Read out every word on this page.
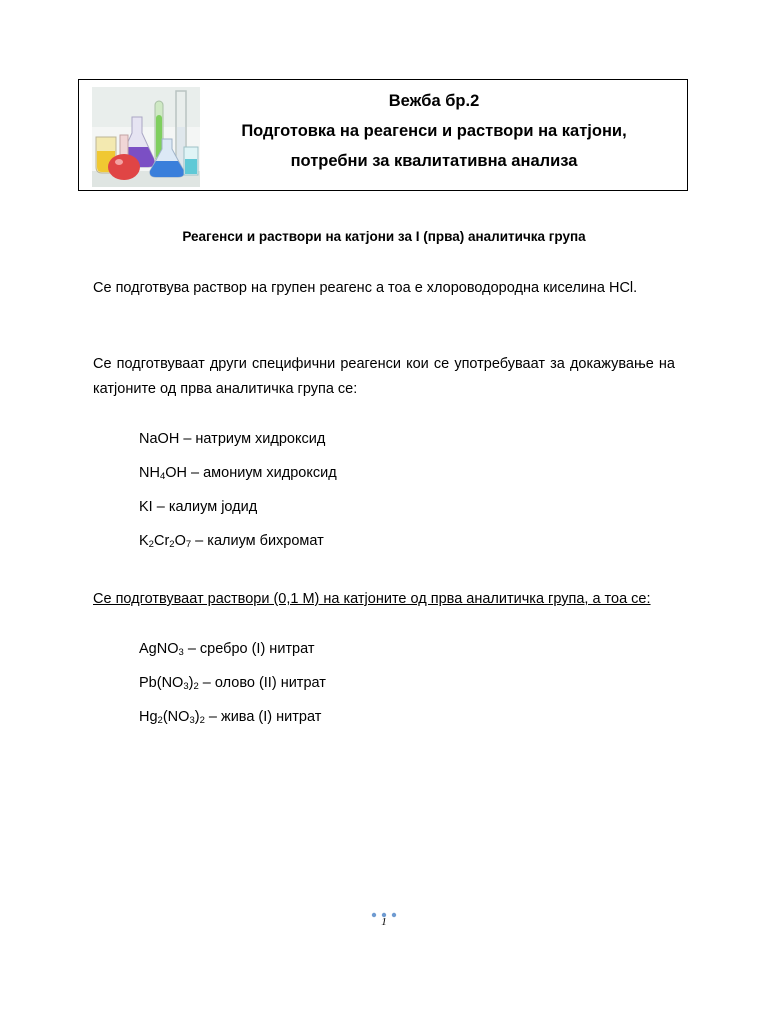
Вежба бр.2
Подготовка на реагенси и раствори на катјони,
потребни за квалитативна анализа
Реагенси и раствори на катјони за I (прва) аналитичка група
Се подготвува раствор на групен реагенс а тоа е хлороводородна киселина HCl.
Се подготвуваат други специфични реагенси кои се употребуваат за докажување на катјоните од прва аналитичка група се:
NaOH – натриум хидроксид
$NH_4OH$ – амониум хидроксид
KI – калиум јодид
$K_2Cr_2O_7$ – калиум бихромат
Се подготвуваат раствори (0,1 M) на катјоните од прва аналитичка група, а тоа се:
AgNO$_3$ – сребро (I) нитрат
$Pb(NO_3)_2$ – олово (II) нитрат
$Hg_2(NO_3)_2$ – жива (I) нитрат
1
